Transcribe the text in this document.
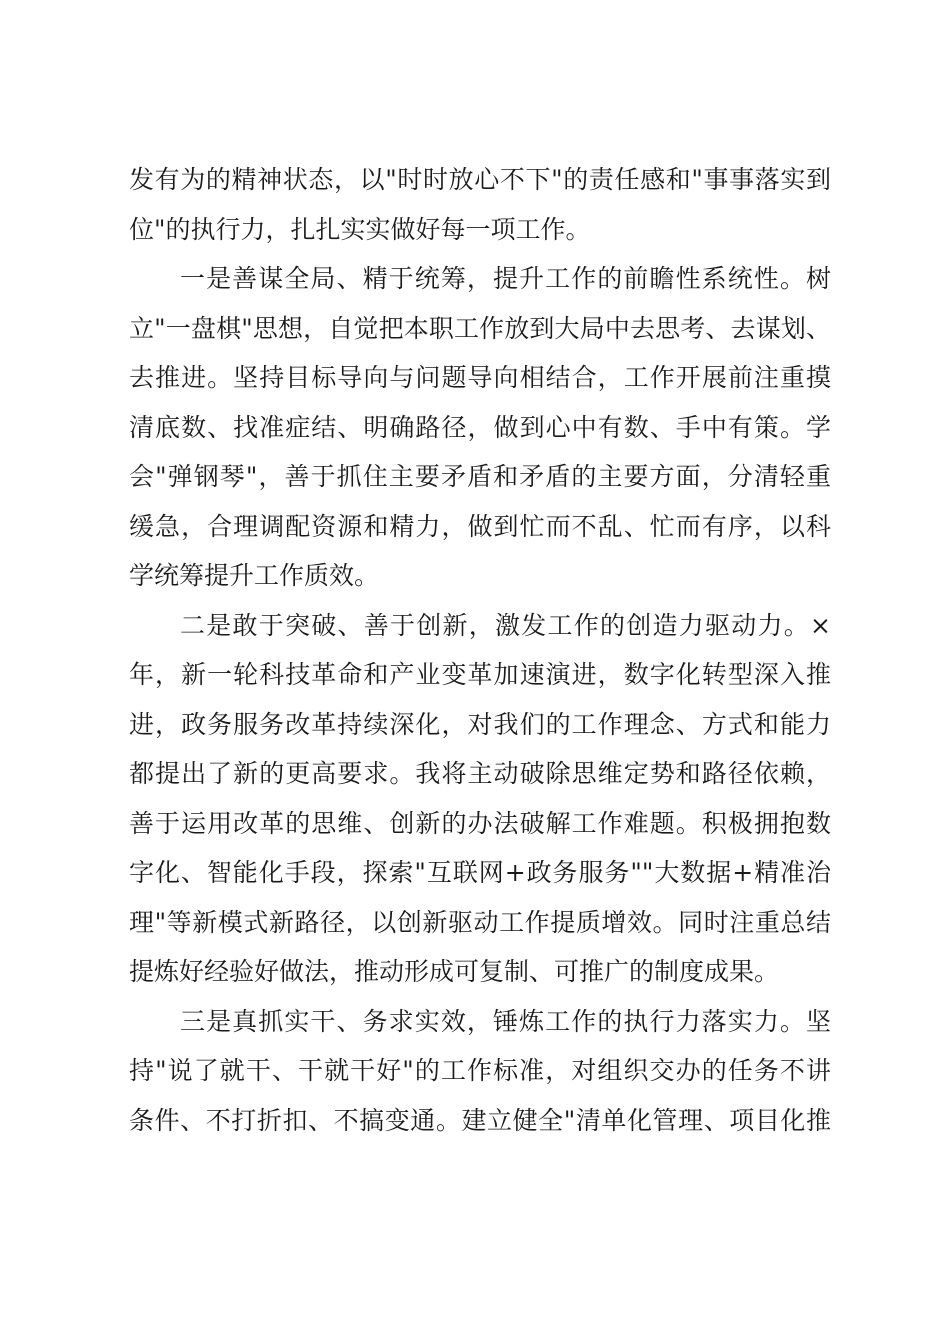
发有为的精神状态，以"时时放心不下"的责任感和"事事落实到
位"的执行力，扎扎实实做好每一项工作。
一是善谋全局、精于统筹，提升工作的前瞻性系统性。树
立"一盘棋"思想，自觉把本职工作放到大局中去思考、去谋划、
去推进。坚持目标导向与问题导向相结合，工作开展前注重摸
清底数、找准症结、明确路径，做到心中有数、手中有策。学
会"弹钢琴"，善于抓住主要矛盾和矛盾的主要方面，分清轻重
缓急，合理调配资源和精力，做到忙而不乱、忙而有序，以科
学统筹提升工作质效。
二是敢于突破、善于创新，激发工作的创造力驱动力。×
年，新一轮科技革命和产业变革加速演进，数字化转型深入推
进，政务服务改革持续深化，对我们的工作理念、方式和能力
都提出了新的更高要求。我将主动破除思维定势和路径依赖，
善于运用改革的思维、创新的办法破解工作难题。积极拥抱数
字化、智能化手段，探索"互联网+政务服务""大数据+精准治
理"等新模式新路径，以创新驱动工作提质增效。同时注重总结
提炼好经验好做法，推动形成可复制、可推广的制度成果。
三是真抓实干、务求实效，锤炼工作的执行力落实力。坚
持"说了就干、干就干好"的工作标准，对组织交办的任务不讲
条件、不打折扣、不搞变通。建立健全"清单化管理、项目化推
